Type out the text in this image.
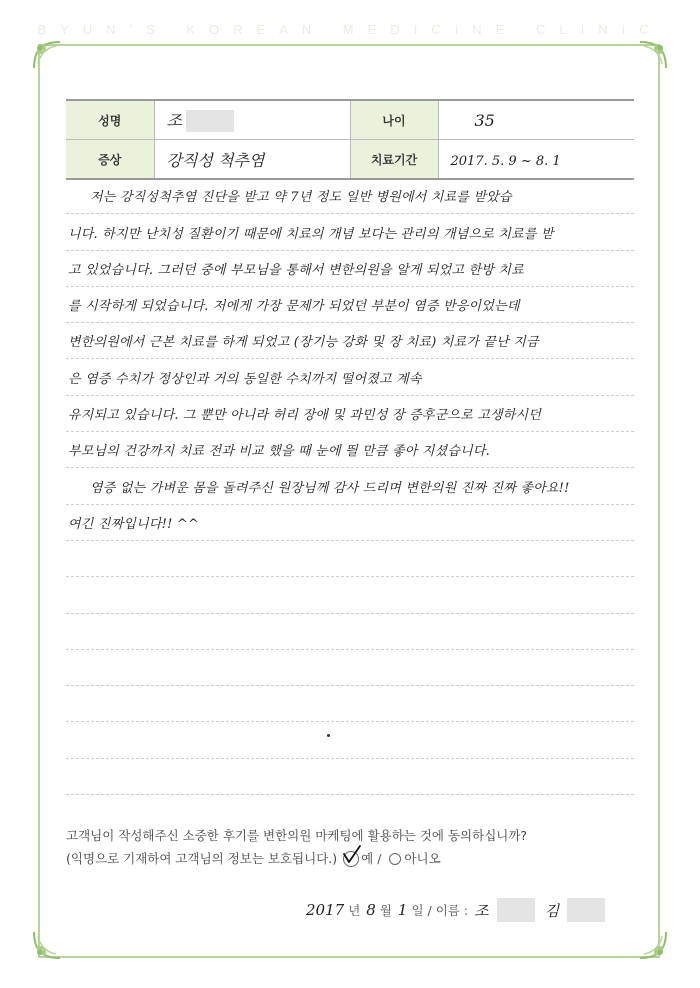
BYUN'S KOREAN MEDICINE CLINIC
성명	조	나이	35
증상	강직성 척추염	치료기간	2017. 5. 9 ~ 8. 1
저는 강직성척추염 진단을 받고 약 7년 정도 일반 병원에서 치료를 받았습
니다. 하지만 난치성 질환이기 때문에 치료의 개념 보다는 관리의 개념으로 치료를 받
고 있었습니다. 그러던 중에 부모님을 통해서 변한의원을 알게 되었고 한방 치료
를 시작하게 되었습니다. 저에게 가장 문제가 되었던 부분이 염증 반응이었는데
변한의원에서 근본 치료를 하게 되었고 (장기능 강화 및 장 치료) 치료가 끝난 지금
은 염증 수치가 정상인과 거의 동일한 수치까지 떨어졌고 계속
유지되고 있습니다. 그 뿐만 아니라 허리 장애 및 과민성 장 증후군으로 고생하시던
부모님의 건강까지 치료 전과 비교 했을 때 눈에 띌 만큼 좋아 지셨습니다.
염증 없는 가벼운 몸을 돌려주신 원장님께 감사 드리며 변한의원 진짜 진짜 좋아요!!
여긴 진짜입니다!! ^^
고객님이 작성해주신 소중한 후기를 변한의원 마케팅에 활용하는 것에 동의하십니까?
(익명으로 기재하여 고객님의 정보는 보호됩니다.) 예 / 아니오
2017 년 8 월 1 일 / 이름 : 조	김
